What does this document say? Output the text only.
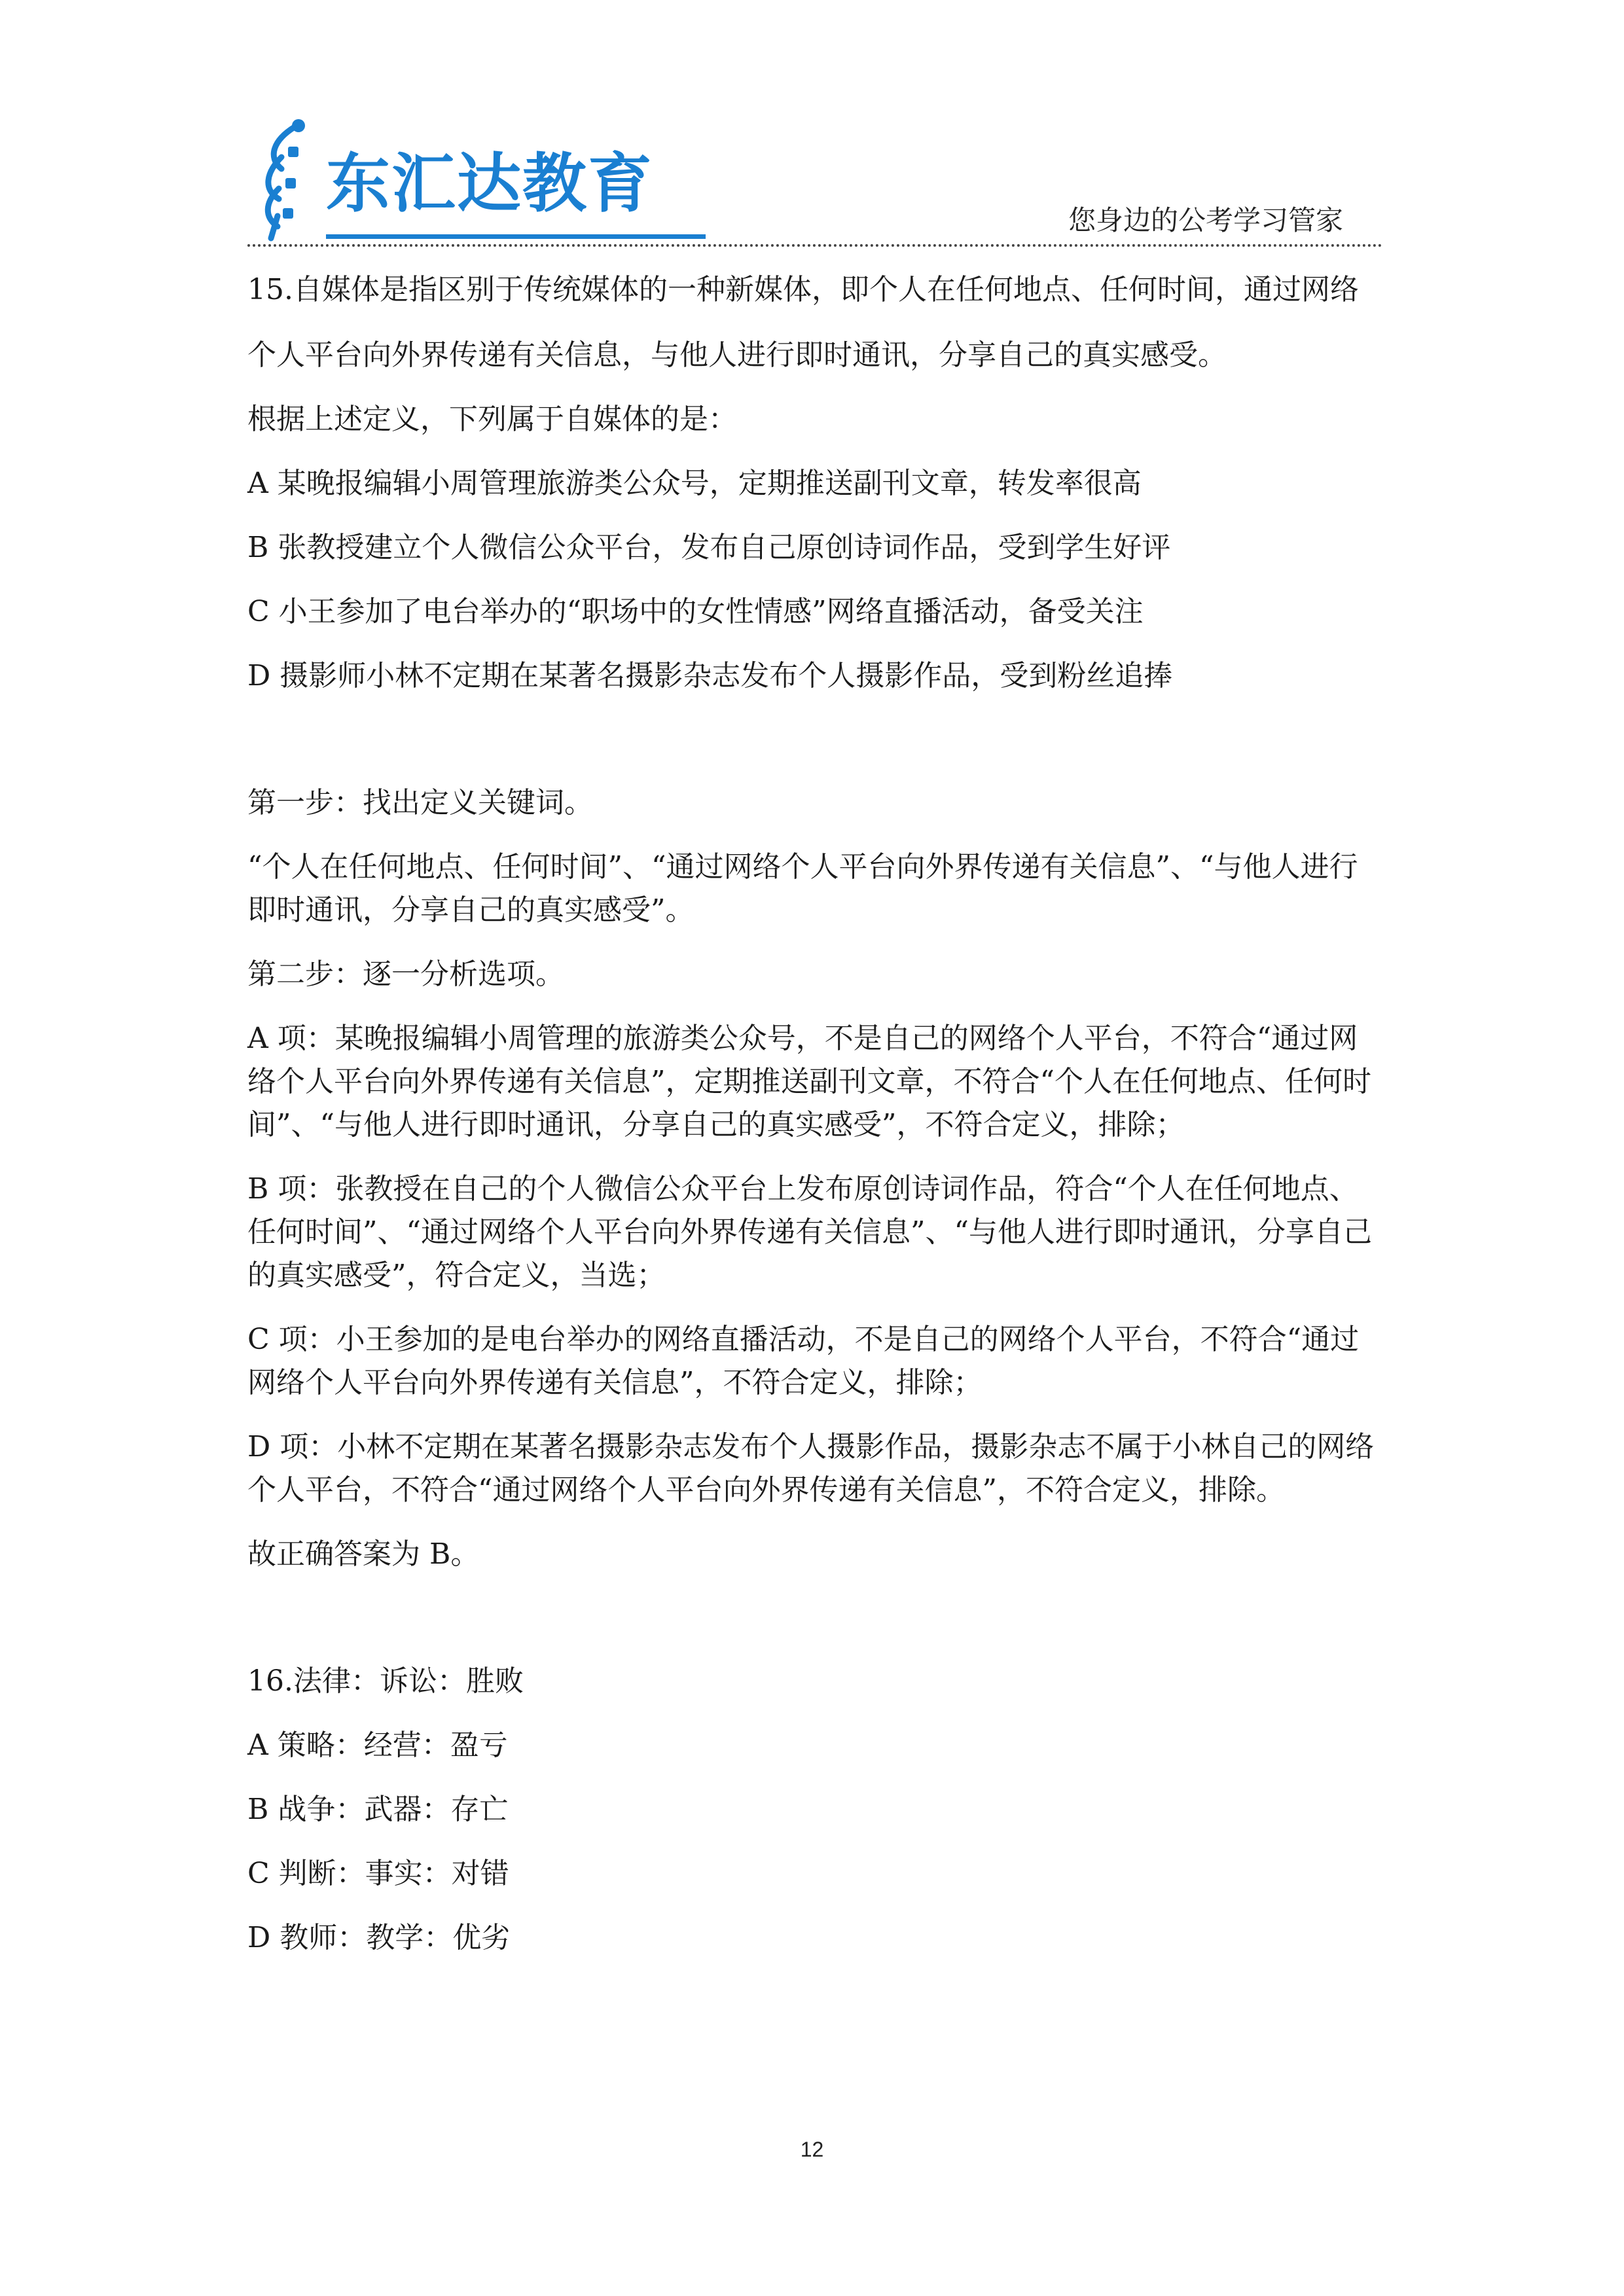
东汇达教育	您身边的公考学习管家

15.自媒体是指区别于传统媒体的一种新媒体，即个人在任何地点、任何时间，通过网络

个人平台向外界传递有关信息，与他人进行即时通讯，分享自己的真实感受。

根据上述定义，下列属于自媒体的是：

A 某晚报编辑小周管理旅游类公众号，定期推送副刊文章，转发率很高

B 张教授建立个人微信公众平台，发布自己原创诗词作品，受到学生好评

C 小王参加了电台举办的“职场中的女性情感”网络直播活动，备受关注

D 摄影师小林不定期在某著名摄影杂志发布个人摄影作品，受到粉丝追捧

第一步：找出定义关键词。

“个人在任何地点、任何时间”、“通过网络个人平台向外界传递有关信息”、“与他人进行即时通讯，分享自己的真实感受”。

第二步：逐一分析选项。

A 项：某晚报编辑小周管理的旅游类公众号，不是自己的网络个人平台，不符合“通过网络个人平台向外界传递有关信息”，定期推送副刊文章，不符合“个人在任何地点、任何时间”、“与他人进行即时通讯，分享自己的真实感受”，不符合定义，排除；

B 项：张教授在自己的个人微信公众平台上发布原创诗词作品，符合“个人在任何地点、任何时间”、“通过网络个人平台向外界传递有关信息”、“与他人进行即时通讯，分享自己的真实感受”，符合定义，当选；

C 项：小王参加的是电台举办的网络直播活动，不是自己的网络个人平台，不符合“通过网络个人平台向外界传递有关信息”，不符合定义，排除；

D 项：小林不定期在某著名摄影杂志发布个人摄影作品，摄影杂志不属于小林自己的网络个人平台，不符合“通过网络个人平台向外界传递有关信息”，不符合定义，排除。

故正确答案为 B。

16.法律：诉讼：胜败

A 策略：经营：盈亏

B 战争：武器：存亡

C 判断：事实：对错

D 教师：教学：优劣

12
